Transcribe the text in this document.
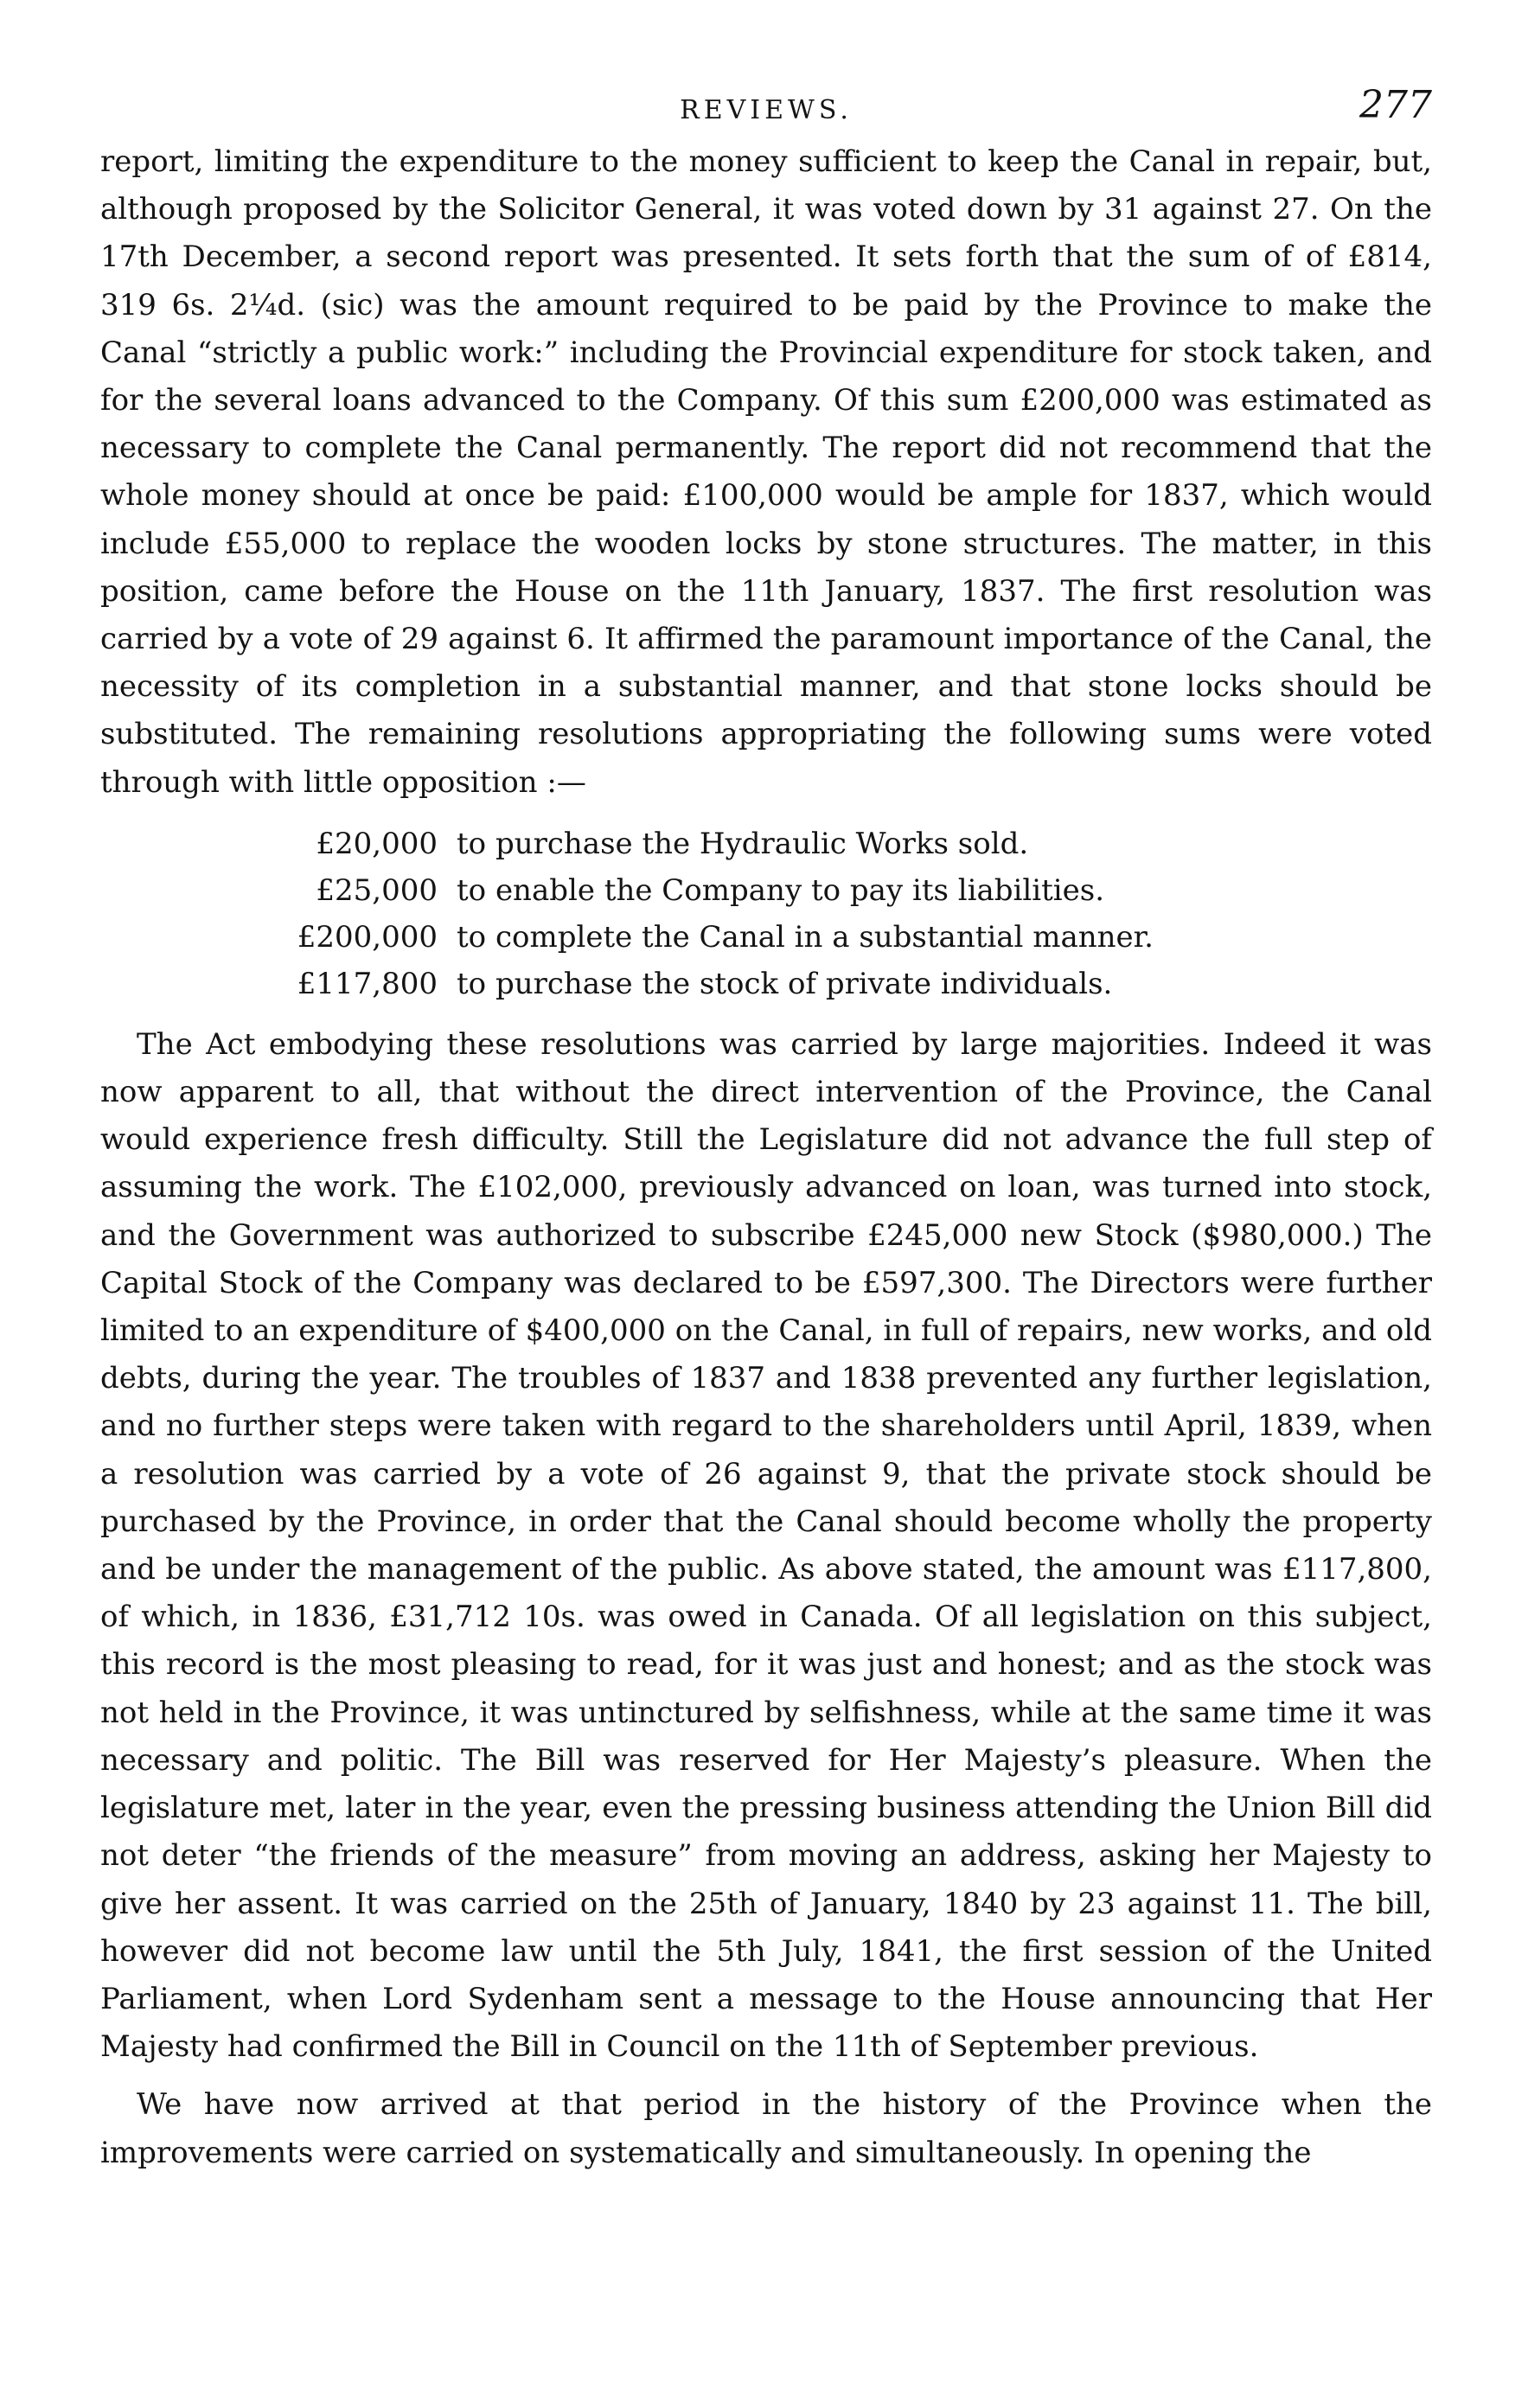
REVIEWS.	277

report, limiting the expenditure to the money sufficient to keep the Canal in repair, but, although proposed by the Solicitor General, it was voted down by 31 against 27. On the 17th December, a second report was presented. It sets forth that the sum of of £814, 319 6s. 2¼d. (sic) was the amount required to be paid by the Province to make the Canal “strictly a public work:” including the Provincial expenditure for stock taken, and for the several loans advanced to the Company. Of this sum £200,000 was estimated as necessary to complete the Canal permanently. The report did not recommend that the whole money should at once be paid: £100,000 would be ample for 1837, which would include £55,000 to replace the wooden locks by stone structures. The matter, in this position, came before the House on the 11th January, 1837. The first resolution was carried by a vote of 29 against 6. It affirmed the paramount importance of the Canal, the necessity of its completion in a substantial manner, and that stone locks should be substituted. The remaining resolutions appropriating the following sums were voted through with little opposition :—

£20,000 to purchase the Hydraulic Works sold.
£25,000 to enable the Company to pay its liabilities.
£200,000 to complete the Canal in a substantial manner.
£117,800 to purchase the stock of private individuals.

The Act embodying these resolutions was carried by large majorities. Indeed it was now apparent to all, that without the direct intervention of the Province, the Canal would experience fresh difficulty. Still the Legislature did not advance the full step of assuming the work. The £102,000, previously advanced on loan, was turned into stock, and the Government was authorized to subscribe £245,000 new Stock ($980,000.) The Capital Stock of the Company was declared to be £597,300. The Directors were further limited to an expenditure of $400,000 on the Canal, in full of repairs, new works, and old debts, during the year. The troubles of 1837 and 1838 prevented any further legislation, and no further steps were taken with regard to the shareholders until April, 1839, when a resolution was carried by a vote of 26 against 9, that the private stock should be purchased by the Province, in order that the Canal should become wholly the property and be under the management of the public. As above stated, the amount was £117,800, of which, in 1836, £31,712 10s. was owed in Canada. Of all legislation on this subject, this record is the most pleasing to read, for it was just and honest; and as the stock was not held in the Province, it was untinctured by selfishness, while at the same time it was necessary and politic. The Bill was reserved for Her Majesty’s pleasure. When the legislature met, later in the year, even the pressing business attending the Union Bill did not deter “the friends of the measure” from moving an address, asking her Majesty to give her assent. It was carried on the 25th of January, 1840 by 23 against 11. The bill, however did not become law until the 5th July, 1841, the first session of the United Parliament, when Lord Sydenham sent a message to the House announcing that Her Majesty had confirmed the Bill in Council on the 11th of September previous.

We have now arrived at that period in the history of the Province when the improvements were carried on systematically and simultaneously. In opening the
